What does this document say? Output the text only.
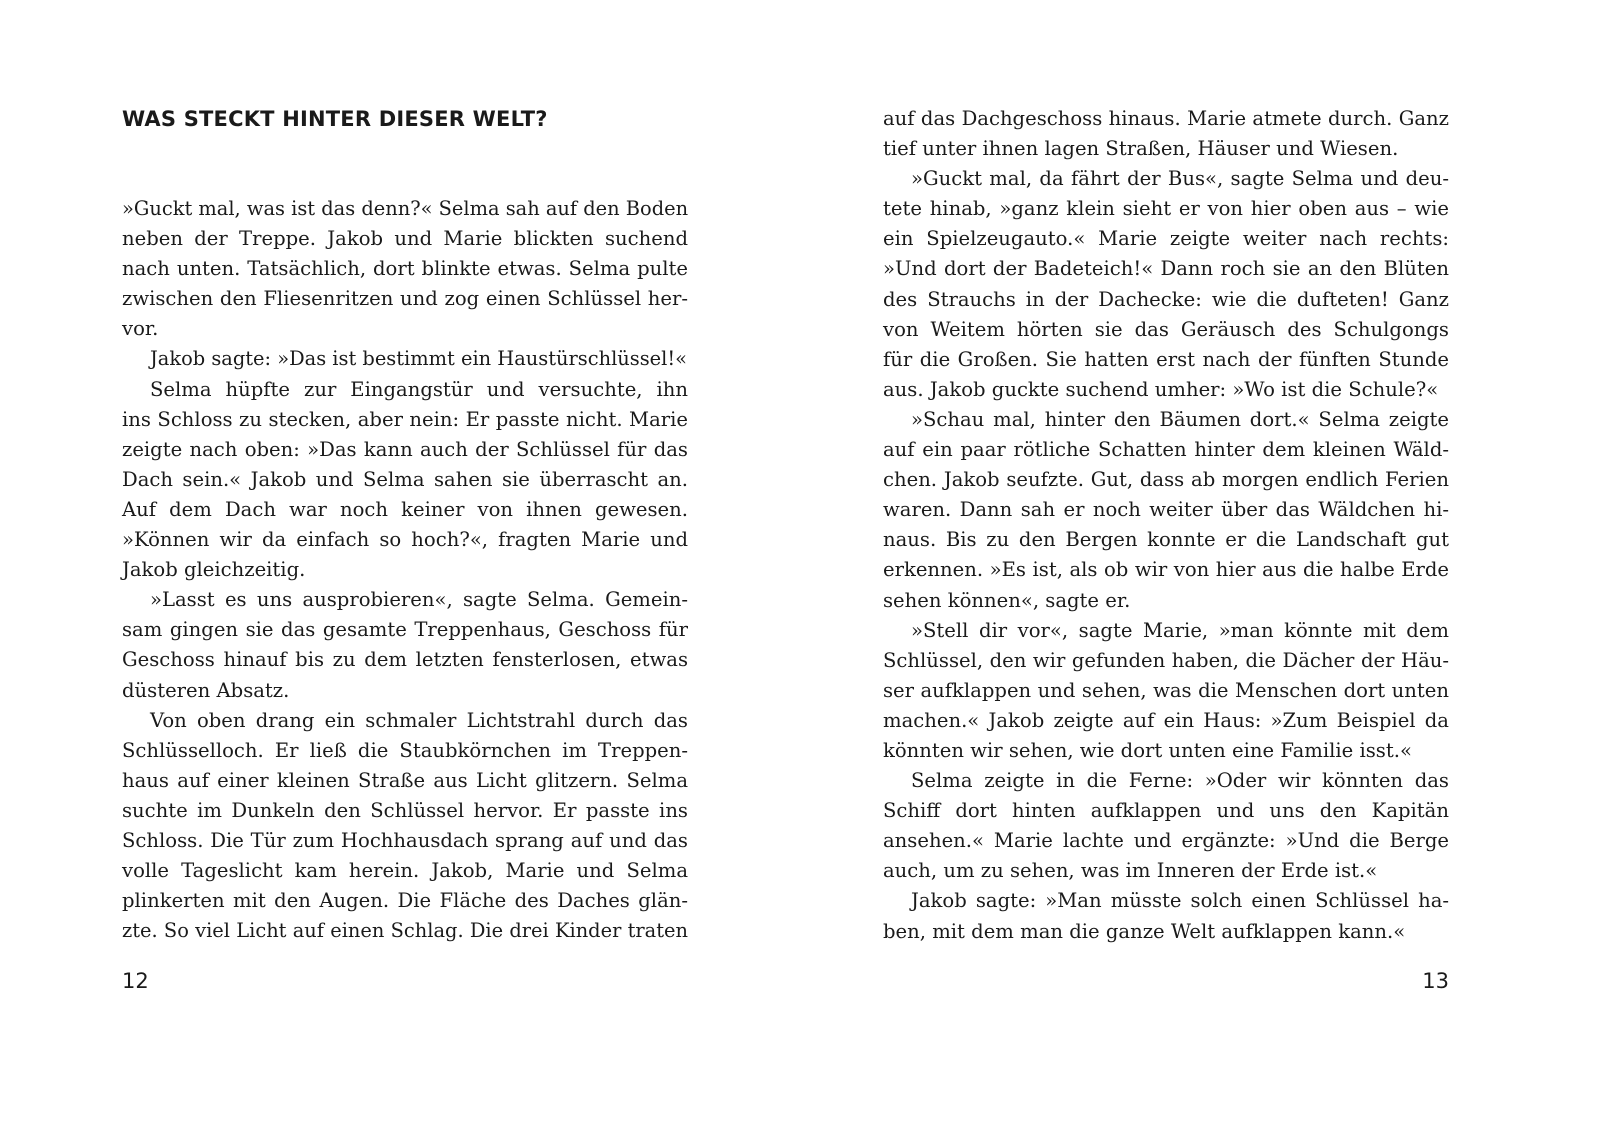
WAS STECKT HINTER DIESER WELT?

»Guckt mal, was ist das denn?« Selma sah auf den Boden
neben der Treppe. Jakob und Marie blickten suchend
nach unten. Tatsächlich, dort blinkte etwas. Selma pulte
zwischen den Fliesenritzen und zog einen Schlüssel her-
vor.

Jakob sagte: »Das ist bestimmt ein Haustürschlüssel!«

Selma hüpfte zur Eingangstür und versuchte, ihn
ins Schloss zu stecken, aber nein: Er passte nicht. Marie
zeigte nach oben: »Das kann auch der Schlüssel für das
Dach sein.« Jakob und Selma sahen sie überrascht an.
Auf dem Dach war noch keiner von ihnen gewesen.
»Können wir da einfach so hoch?«, fragten Marie und
Jakob gleichzeitig.

»Lasst es uns ausprobieren«, sagte Selma. Gemein-
sam gingen sie das gesamte Treppenhaus, Geschoss für
Geschoss hinauf bis zu dem letzten fensterlosen, etwas
düsteren Absatz.

Von oben drang ein schmaler Lichtstrahl durch das
Schlüsselloch. Er ließ die Staubkörnchen im Treppen-
haus auf einer kleinen Straße aus Licht glitzern. Selma
suchte im Dunkeln den Schlüssel hervor. Er passte ins
Schloss. Die Tür zum Hochhausdach sprang auf und das
volle Tageslicht kam herein. Jakob, Marie und Selma
plinkerten mit den Augen. Die Fläche des Daches glän-
zte. So viel Licht auf einen Schlag. Die drei Kinder traten

12

auf das Dachgeschoss hinaus. Marie atmete durch. Ganz
tief unter ihnen lagen Straßen, Häuser und Wiesen.

»Guckt mal, da fährt der Bus«, sagte Selma und deu-
tete hinab, »ganz klein sieht er von hier oben aus – wie
ein Spielzeugauto.« Marie zeigte weiter nach rechts:
»Und dort der Badeteich!« Dann roch sie an den Blüten
des Strauchs in der Dachecke: wie die dufteten! Ganz
von Weitem hörten sie das Geräusch des Schulgongs
für die Großen. Sie hatten erst nach der fünften Stunde
aus. Jakob guckte suchend umher: »Wo ist die Schule?«

»Schau mal, hinter den Bäumen dort.« Selma zeigte
auf ein paar rötliche Schatten hinter dem kleinen Wäld-
chen. Jakob seufzte. Gut, dass ab morgen endlich Ferien
waren. Dann sah er noch weiter über das Wäldchen hi-
naus. Bis zu den Bergen konnte er die Landschaft gut
erkennen. »Es ist, als ob wir von hier aus die halbe Erde
sehen können«, sagte er.

»Stell dir vor«, sagte Marie, »man könnte mit dem
Schlüssel, den wir gefunden haben, die Dächer der Häu-
ser aufklappen und sehen, was die Menschen dort unten
machen.« Jakob zeigte auf ein Haus: »Zum Beispiel da
könnten wir sehen, wie dort unten eine Familie isst.«

Selma zeigte in die Ferne: »Oder wir könnten das
Schiff dort hinten aufklappen und uns den Kapitän
ansehen.« Marie lachte und ergänzte: »Und die Berge
auch, um zu sehen, was im Inneren der Erde ist.«

Jakob sagte: »Man müsste solch einen Schlüssel ha-
ben, mit dem man die ganze Welt aufklappen kann.«

13
